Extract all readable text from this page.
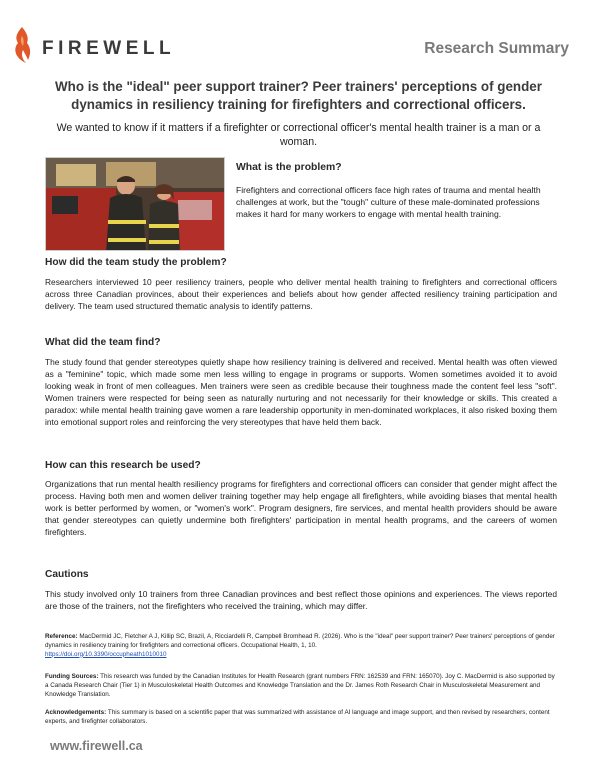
FIREWELL	Research Summary
Who is the "ideal" peer support trainer? Peer trainers' perceptions of gender dynamics in resiliency training for firefighters and correctional officers.
We wanted to know if it matters if a firefighter or correctional officer's mental health trainer is a man or a woman.
What is the problem?
Firefighters and correctional officers face high rates of trauma and mental health challenges at work, but the "tough" culture of these male-dominated professions makes it hard for many workers to engage with mental health training.
How did the team study the problem?
Researchers interviewed 10 peer resiliency trainers, people who deliver mental health training to firefighters and correctional officers across three Canadian provinces, about their experiences and beliefs about how gender affected resiliency training participation and delivery. The team used structured thematic analysis to identify patterns.
What did the team find?
The study found that gender stereotypes quietly shape how resiliency training is delivered and received. Mental health was often viewed as a "feminine" topic, which made some men less willing to engage in programs or supports. Women sometimes avoided it to avoid looking weak in front of men colleagues. Men trainers were seen as credible because their toughness made the content feel less "soft". Women trainers were respected for being seen as naturally nurturing and not necessarily for their knowledge or skills. This created a paradox: while mental health training gave women a rare leadership opportunity in men-dominated workplaces, it also risked boxing them into emotional support roles and reinforcing the very stereotypes that have held them back.
How can this research be used?
Organizations that run mental health resiliency programs for firefighters and correctional officers can consider that gender might affect the process. Having both men and women deliver training together may help engage all firefighters, while avoiding biases that mental health work is better performed by women, or "women's work". Program designers, fire services, and mental health providers should be aware that gender stereotypes can quietly undermine both firefighters' participation in mental health programs, and the careers of women firefighters.
Cautions
This study involved only 10 trainers from three Canadian provinces and best reflect those opinions and experiences. The views reported are those of the trainers, not the firefighters who received the training, which may differ.
Reference: MacDermid JC, Fletcher A J, Killip SC, Brazil, A, Ricciardelli R, Campbell Bromhead R. (2026). Who is the "ideal" peer support trainer? Peer trainers' perceptions of gender dynamics in resiliency training for firefighters and correctional officers. Occupational Health, 1, 10.
https://doi.org/10.3390/occupheath1010010
Funding Sources: This research was funded by the Canadian Institutes for Health Research (grant numbers FRN: 162539 and FRN: 165070). Joy C. MacDermid is also supported by a Canada Research Chair (Tier 1) in Musculoskeletal Health Outcomes and Knowledge Translation and the Dr. James Roth Research Chair in Musculoskeletal Measurement and Knowledge Translation.
Acknowledgements: This summary is based on a scientific paper that was summarized with assistance of AI language and image support, and then revised by researchers, content experts, and firefighter collaborators.
www.firewell.ca
